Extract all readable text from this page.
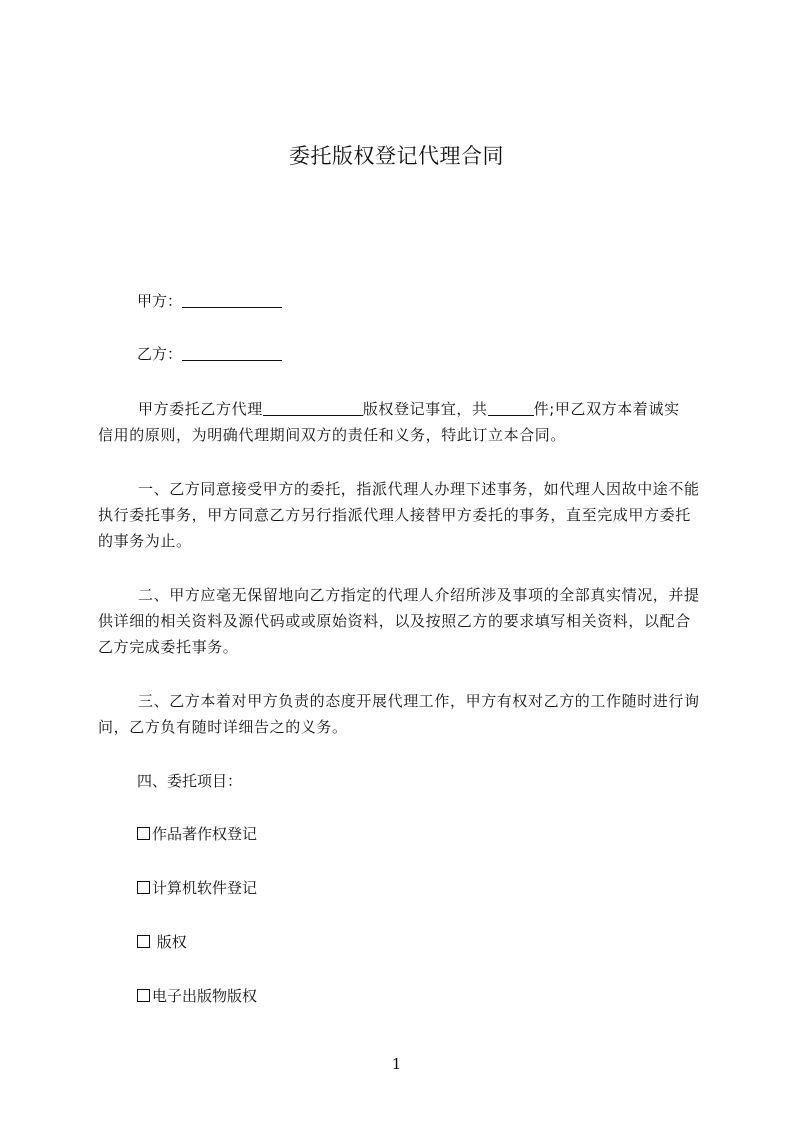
委托版权登记代理合同
甲方：
乙方：
甲方委托乙方代理	版权登记事宜，共	件;甲乙双方本着诚实
信用的原则，为明确代理期间双方的责任和义务，特此订立本合同。
一、乙方同意接受甲方的委托，指派代理人办理下述事务，如代理人因故中途不能执行委托事务，甲方同意乙方另行指派代理人接替甲方委托的事务，直至完成甲方委托的事务为止。
二、甲方应毫无保留地向乙方指定的代理人介绍所涉及事项的全部真实情况，并提供详细的相关资料及源代码或或原始资料，以及按照乙方的要求填写相关资料，以配合乙方完成委托事务。
三、乙方本着对甲方负责的态度开展代理工作，甲方有权对乙方的工作随时进行询问，乙方负有随时详细告之的义务。
四、委托项目：
作品著作权登记
计算机软件登记
版权
电子出版物版权
1
